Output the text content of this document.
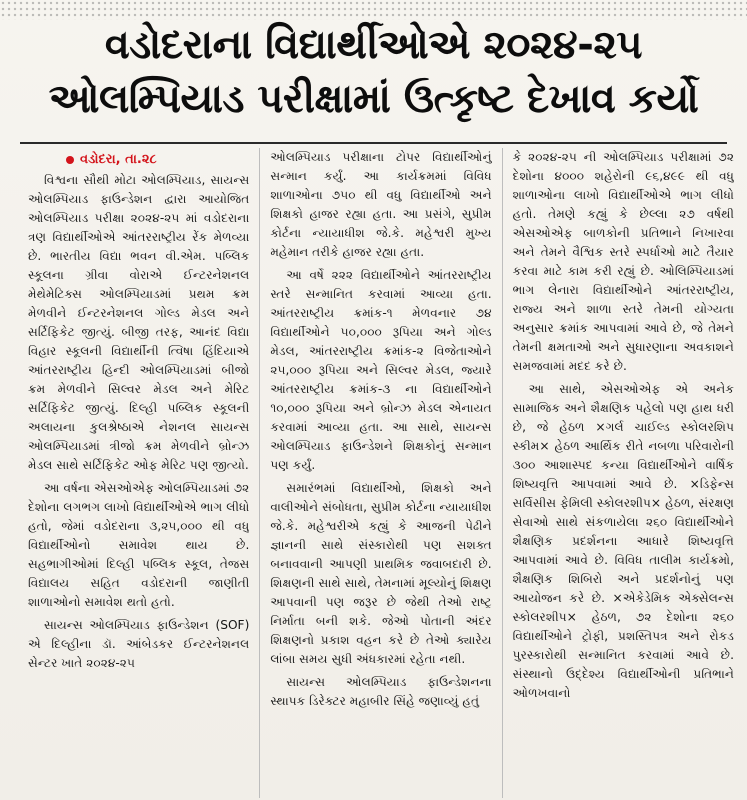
વડોદરાના વિદ્યાર્થીઓએ ૨૦૨૪-૨૫
ઓલમ્પિયાડ પરીક્ષામાં ઉત્કૃષ્ટ દેખાવ કર્યો
વડોદરા, તા.૨૮

વિશ્વના સૌથી મોટા ઓલમ્પિયાડ, સાયન્સ ઓલમ્પિયાડ ફાઉન્ડેશન દ્વારા આયોજિત ઓલમ્પિયાડ પરીક્ષા ૨૦૨૪-૨૫ માં વડોદરાના ત્રણ વિદ્યાર્થીઓએ આંતરરાષ્ટ્રીય રેંક મેળવ્યા છે. ભારતીય વિદ્યા ભવન વી.એમ. પબ્લિક સ્કૂલના ગ્રીવા વોરાએ ઈન્ટરનેશનલ મેથેમેટિક્સ ઓલમ્પિયાડમાં પ્રથમ ક્રમ મેળવીને ઈન્ટરનેશનલ ગોલ્ડ મેડલ અને સર્ટિફિકેટ જીત્યું. બીજી તરફ, આનંદ વિદ્યા વિહાર સ્કૂલની વિદ્યાર્થીની ત્વિષા હિંદિયાએ આંતરરાષ્ટ્રીય હિન્દી ઓલમ્પિયાડમાં બીજો ક્રમ મેળવીને સિલ્વર મેડલ અને મેરિટ સર્ટિફિકેટ જીત્યું. દિલ્હી પબ્લિક સ્કૂલની અલાયના કુલશ્રેષ્ઠાએ નેશનલ સાયન્સ ઓલમ્પિયાડમાં ત્રીજો ક્રમ મેળવીને બ્રોન્ઝ મેડલ સાથે સર્ટિફિકેટ ઓફ મેરિટ પણ જીત્યો.

આ વર્ષના એસઓએફ ઓલમ્પિયાડમાં ૭૨ દેશોના લગભગ લાખો વિદ્યાર્થીઓએ ભાગ લીધો હતો, જેમાં વડોદરાના ૩,૨૫,૦૦૦ થી વધુ વિદ્યાર્થીઓનો સમાવેશ થાય છે. સહભાગીઓમાં દિલ્હી પબ્લિક સ્કૂલ, તેજસ વિદ્યાલય સહિત વડોદરાની જાણીતી શાળાઓનો સમાવેશ થતો હતો.

સાયન્સ ઓલમ્પિયાડ ફાઉન્ડેશન (SOF) એ દિલ્હીના ડૉ. આંબેડકર ઈન્ટરનેશનલ સેન્ટર ખાતે ૨૦૨૪-૨૫

ઓલમ્પિયાડ પરીક્ષાના ટોપર વિદ્યાર્થીઓનું સન્માન કર્યું. આ કાર્યક્રમમાં વિવિધ શાળાઓના ૭૫૦ થી વધુ વિદ્યાર્થીઓ અને શિક્ષકો હાજર રહ્યા હતા. આ પ્રસંગે, સુપ્રીમ કોર્ટના ન્યાયાધીશ જે.કે. મહેશ્વરી મુખ્ય મહેમાન તરીકે હાજર રહ્યા હતા.

આ વર્ષે ૨૨૨ વિદ્યાર્થીઓને આંતરરાષ્ટ્રીય સ્તરે સન્માનિત કરવામાં આવ્યા હતા. આંતરરાષ્ટ્રીય ક્રમાંક-૧ મેળવનાર ૭૪ વિદ્યાર્થીઓને ૫૦,૦૦૦ રૂપિયા અને ગોલ્ડ મેડલ, આંતરરાષ્ટ્રીય ક્રમાંક-૨ વિજેતાઓને ૨૫,૦૦૦ રૂપિયા અને સિલ્વર મેડલ, જ્યારે આંતરરાષ્ટ્રીય ક્રમાંક-૩ ના વિદ્યાર્થીઓને ૧૦,૦૦૦ રૂપિયા અને બ્રોન્ઝ મેડલ એનાયત કરવામાં આવ્યા હતા. આ સાથે, સાયન્સ ઓલમ્પિયાડ ફાઉન્ડેશને શિક્ષકોનું સન્માન પણ કર્યું.

સમારંભમાં વિદ્યાર્થીઓ, શિક્ષકો અને વાલીઓને સંબોધતા, સુપ્રીમ કોર્ટના ન્યાયાધીશ જે.કે. મહેશ્વરીએ કહ્યું કે આજની પેઢીને જ્ઞાનની સાથે સંસ્કારોથી પણ સશક્ત બનાવવાની આપણી પ્રાથમિક જવાબદારી છે. શિક્ષણની સાથે સાથે, તેમનામાં મૂલ્યોનું શિક્ષણ આપવાની પણ જરૂર છે જેથી તેઓ રાષ્ટ્ર નિર્માતા બની શકે. જેઓ પોતાની અંદર શિક્ષણનો પ્રકાશ વહન કરે છે તેઓ ક્યારેય લાંબા સમય સુધી અંધકારમાં રહેતા નથી.

સાયન્સ ઓલમ્પિયાડ ફાઉન્ડેશનના સ્થાપક ડિરેક્ટર મહાબીર સિંહે જણાવ્યું હતું

કે ૨૦૨૪-૨૫ ની ઓલમ્પિયાડ પરીક્ષામાં ૭૨ દેશોના ૪૦૦૦ શહેરોની ૯૬,૪૯૯ થી વધુ શાળાઓના લાખો વિદ્યાર્થીઓએ ભાગ લીધો હતો. તેમણે કહ્યું કે છેલ્લા ૨૭ વર્ષથી એસઓએફ બાળકોની પ્રતિભાને નિખારવા અને તેમને વૈશ્વિક સ્તરે સ્પર્ધાઓ માટે તૈયાર કરવા માટે કામ કરી રહ્યું છે. ઓલિમ્પિયાડમાં ભાગ લેનારા વિદ્યાર્થીઓને આંતરરાષ્ટ્રીય, રાજ્ય અને શાળા સ્તરે તેમની યોગ્યતા અનુસાર ક્રમાંક આપવામાં આવે છે, જે તેમને તેમની ક્ષમતાઓ અને સુધારણાના અવકાશને સમજવામાં મદદ કરે છે.

આ સાથે, એસઓએફ એ અનેક સામાજિક અને શૈક્ષણિક પહેલો પણ હાથ ધરી છે, જે હેઠળ ×ગર્લ ચાઈલ્ડ સ્કોલરશિપ સ્કીમ× હેઠળ આર્થિક રીતે નબળા પરિવારોની ૩૦૦ આશાસ્પદ કન્યા વિદ્યાર્થીઓને વાર્ષિક શિષ્યવૃત્તિ આપવામાં આવે છે. ×ડિફેન્સ સર્વિસીસ ફેમિલી સ્કોલરશીપ× હેઠળ, સંરક્ષણ સેવાઓ સાથે સંકળાયેલા ૨૬૦ વિદ્યાર્થીઓને શૈક્ષણિક પ્રદર્શનના આધારે શિષ્યવૃત્તિ આપવામાં આવે છે. વિવિધ તાલીમ કાર્યક્રમો, શૈક્ષણિક શિબિરો અને પ્રદર્શનોનું પણ આયોજન કરે છે. ×એકેડેમિક એક્સેલન્સ સ્કોલરશીપ× હેઠળ, ૭૨ દેશોના ૨૬૦ વિદ્યાર્થીઓને ટ્રોફી, પ્રશસ્તિપત્ર અને રોકડ પુરસ્કારોથી સન્માનિત કરવામાં આવે છે. સંસ્થાનો ઉદ્દેશ્ય વિદ્યાર્થીઓની પ્રતિભાને ઓળખવાનો
